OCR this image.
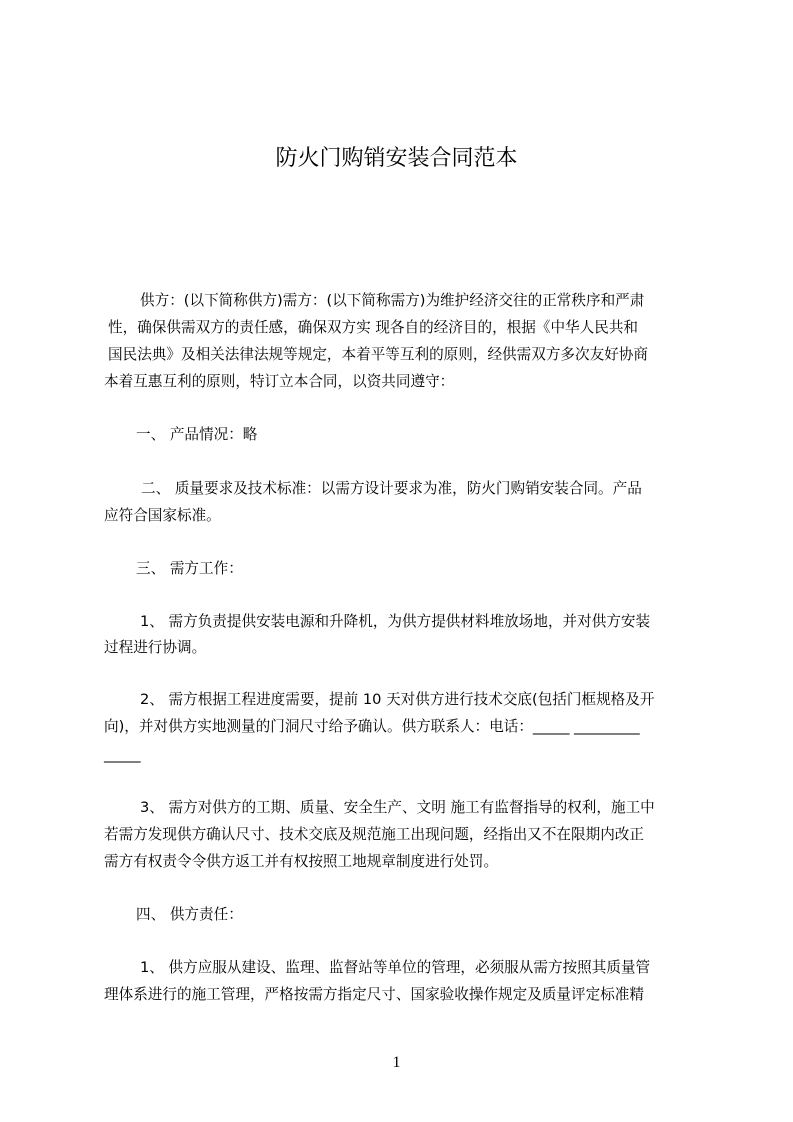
防火门购销安装合同范本
供方：(以下简称供方)需方：(以下简称需方)为维护经济交往的正常秩序和严肃
性，确保供需双方的责任感，确保双方实 现各自的经济目的，根据《中华人民共和
国民法典》及相关法律法规等规定，本着平等互利的原则，经供需双方多次友好协商
本着互惠互利的原则，特订立本合同，以资共同遵守：
一、 产品情况：略
二、 质量要求及技术标准：以需方设计要求为准，防火门购销安装合同。产品
应符合国家标准。
三、 需方工作：
1、 需方负责提供安装电源和升降机，为供方提供材料堆放场地，并对供方安装
过程进行协调。
2、 需方根据工程进度需要，提前 10 天对供方进行技术交底(包括门框规格及开
向)，并对供方实地测量的门洞尺寸给予确认。供方联系人：电话：_____ _________
_____
3、 需方对供方的工期、质量、安全生产、文明 施工有监督指导的权利，施工中
若需方发现供方确认尺寸、技术交底及规范施工出现问题，经指出又不在限期内改正
需方有权责令令供方返工并有权按照工地规章制度进行处罚。
四、 供方责任：
1、 供方应服从建设、监理、监督站等单位的管理，必须服从需方按照其质量管
理体系进行的施工管理，严格按需方指定尺寸、国家验收操作规定及质量评定标准精
1
